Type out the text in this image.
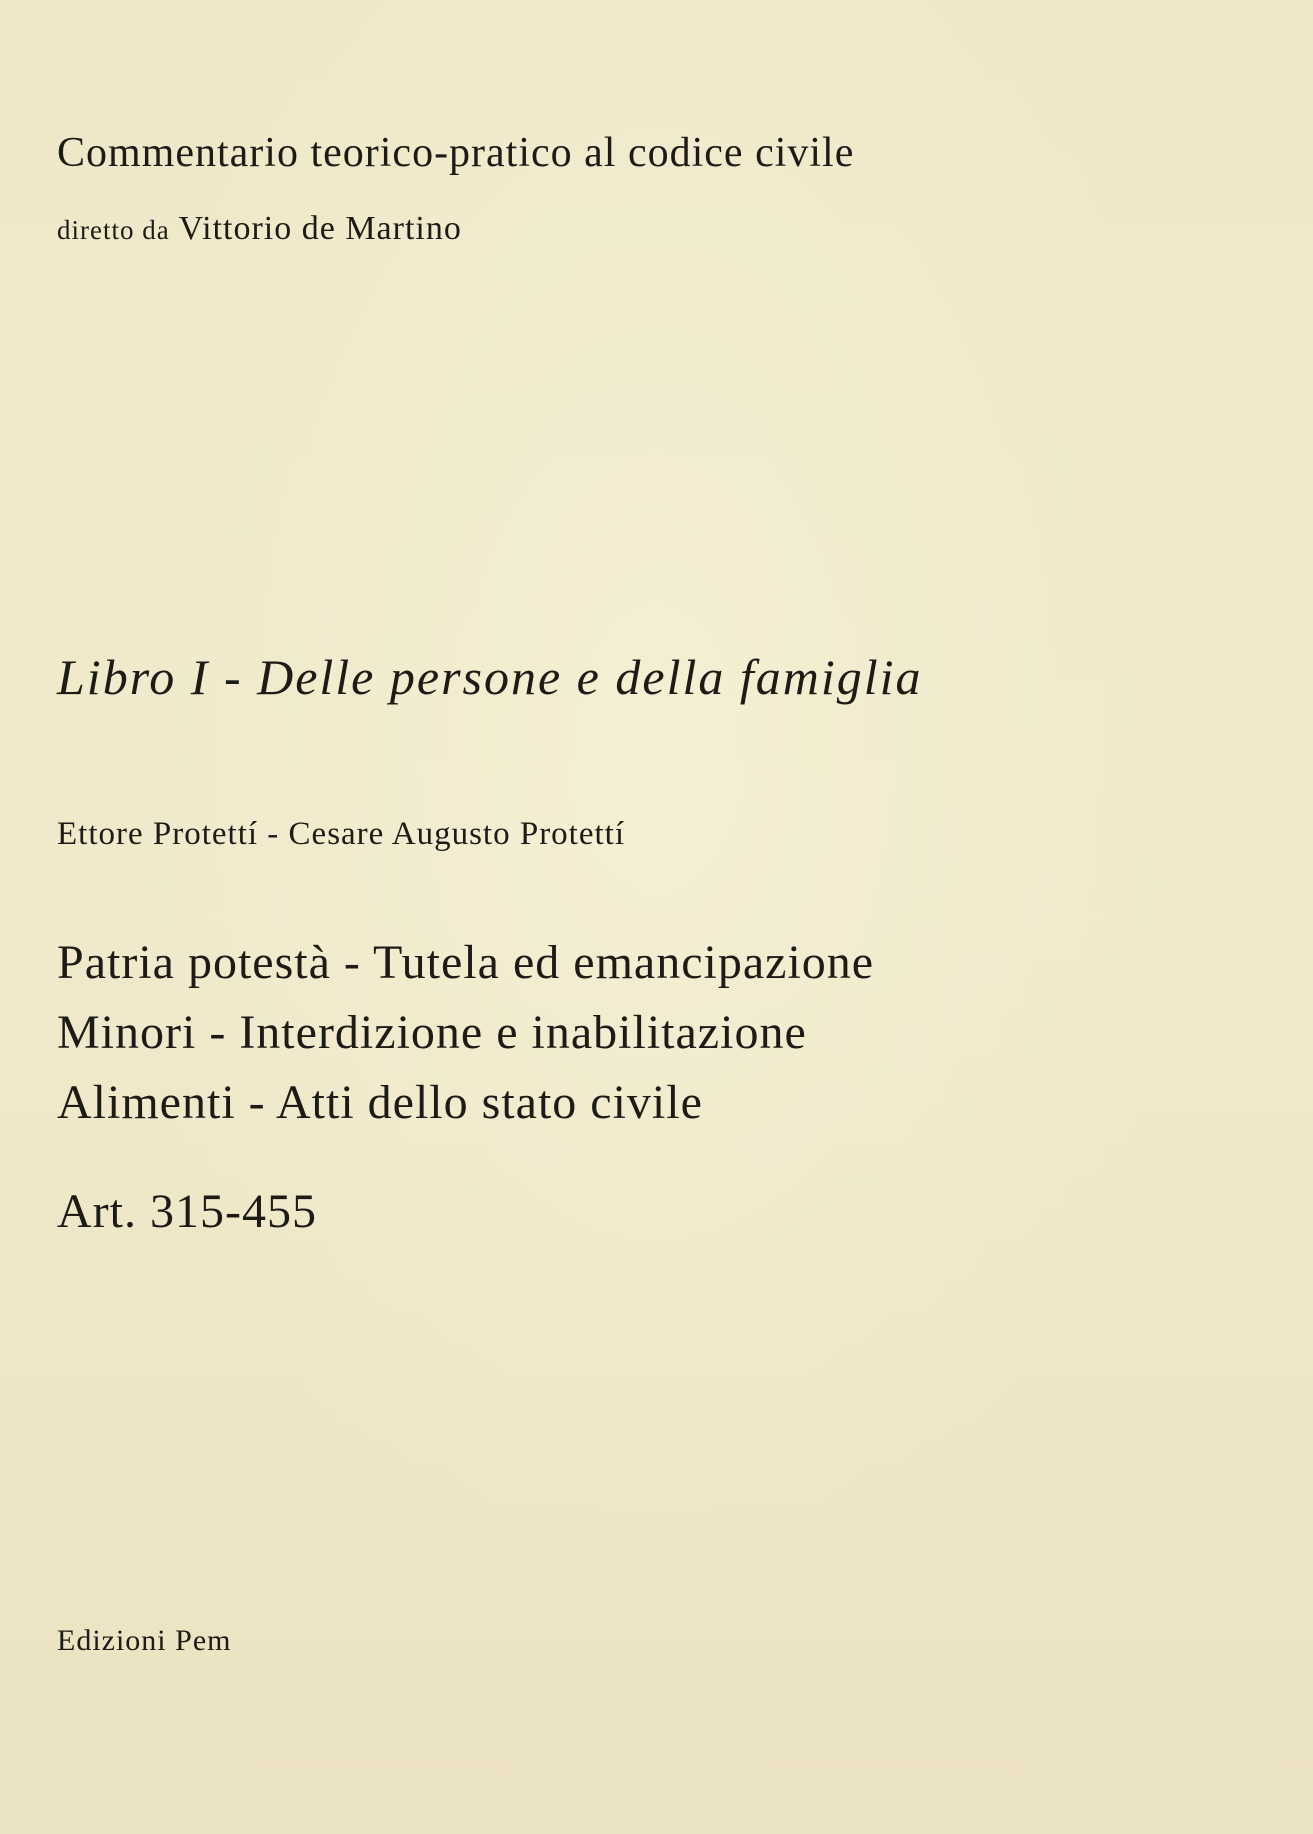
Commentario teorico-pratico al codice civile
diretto da Vittorio de Martino
Libro I - Delle persone e della famiglia
Ettore Protettí - Cesare Augusto Protettí
Patria potestà - Tutela ed emancipazione
Minori - Interdizione e inabilitazione
Alimenti - Atti dello stato civile
Art. 315-455
Edizioni Pem
